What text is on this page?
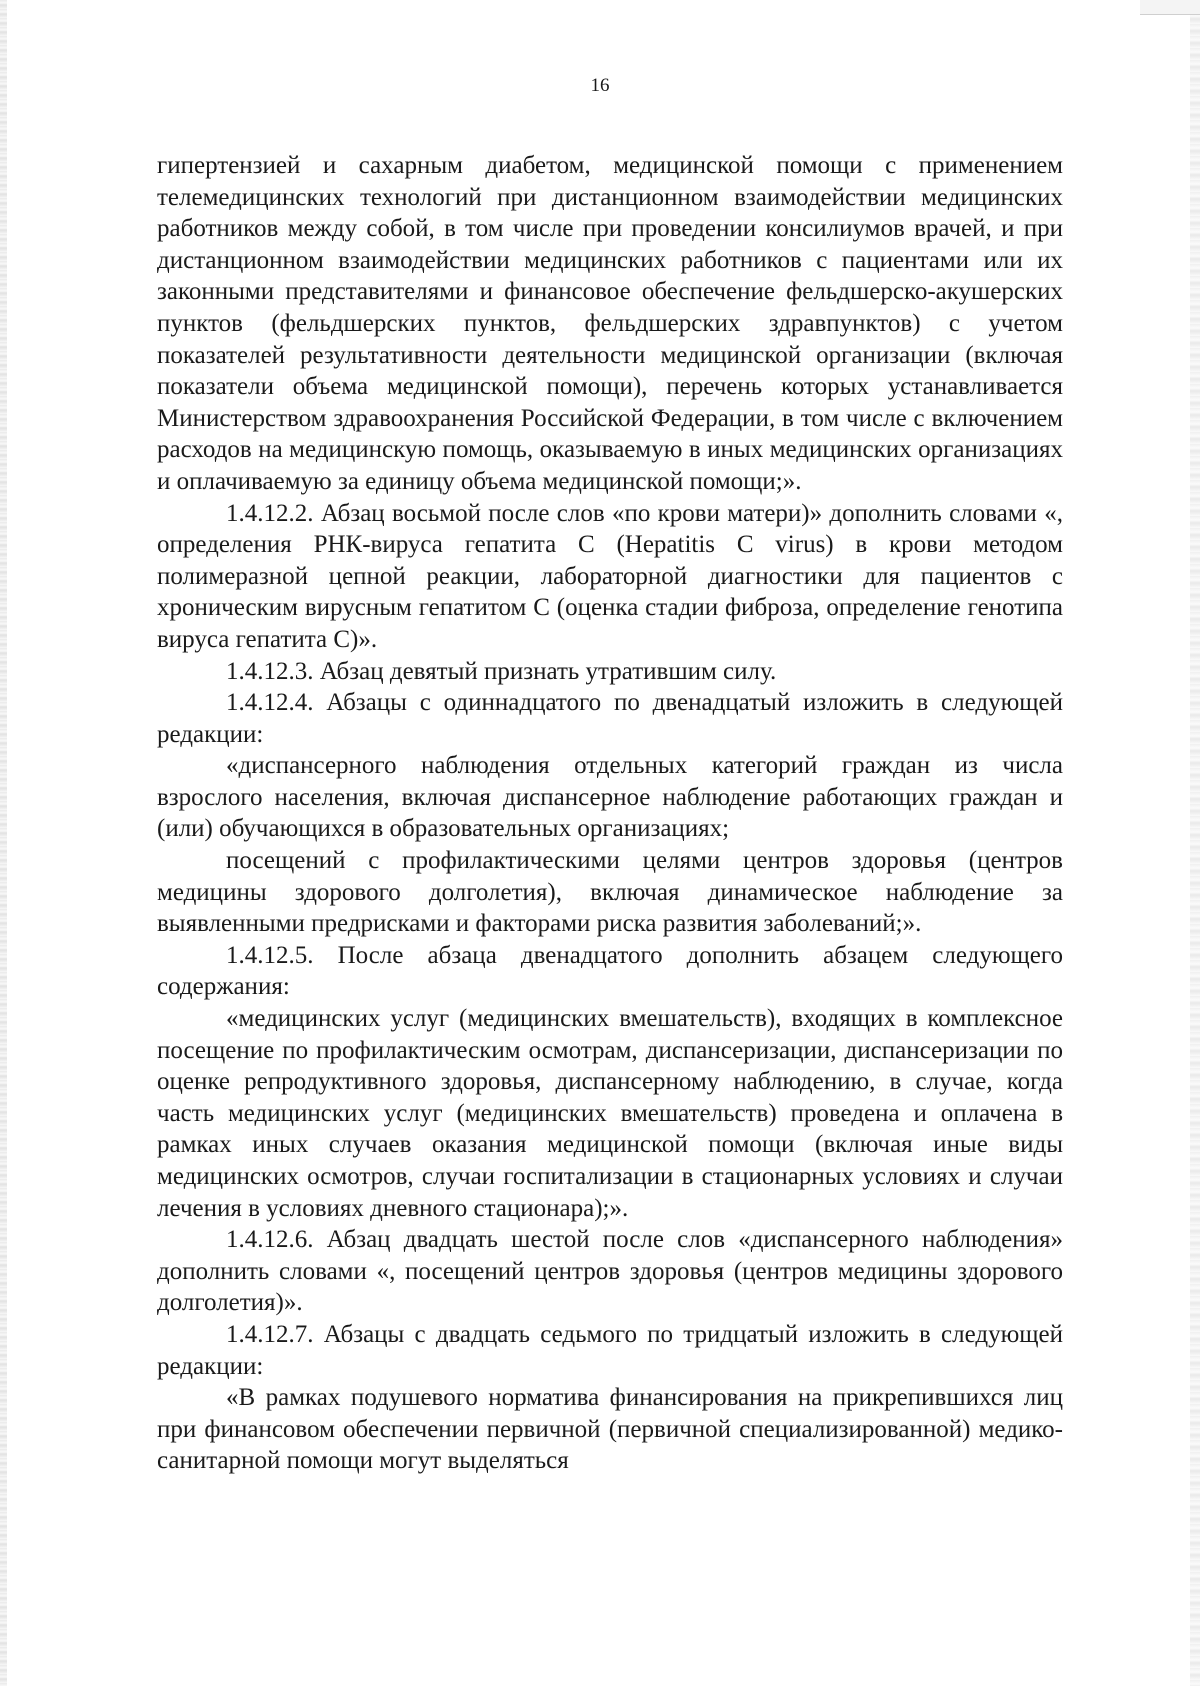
16

гипертензией и сахарным диабетом, медицинской помощи с применением телемедицинских технологий при дистанционном взаимодействии медицинских работников между собой, в том числе при проведении консилиумов врачей, и при дистанционном взаимодействии медицинских работников с пациентами или их законными представителями и финансовое обеспечение фельдшерско-акушерских пунктов (фельдшерских пунктов, фельдшерских здравпунктов) с учетом показателей результативности деятельности медицинской организации (включая показатели объема медицинской помощи), перечень которых устанавливается Министерством здравоохранения Российской Федерации, в том числе с включением расходов на медицинскую помощь, оказываемую в иных медицинских организациях и оплачиваемую за единицу объема медицинской помощи;».

1.4.12.2. Абзац восьмой после слов «по крови матери)» дополнить словами «, определения РНК-вируса гепатита С (Hepatitis C virus) в крови методом полимеразной цепной реакции, лабораторной диагностики для пациентов с хроническим вирусным гепатитом С (оценка стадии фиброза, определение генотипа вируса гепатита С)».

1.4.12.3. Абзац девятый признать утратившим силу.

1.4.12.4. Абзацы с одиннадцатого по двенадцатый изложить в следующей редакции:

«диспансерного наблюдения отдельных категорий граждан из числа взрослого населения, включая диспансерное наблюдение работающих граждан и (или) обучающихся в образовательных организациях;

посещений с профилактическими целями центров здоровья (центров медицины здорового долголетия), включая динамическое наблюдение за выявленными предрисками и факторами риска развития заболеваний;».

1.4.12.5. После абзаца двенадцатого дополнить абзацем следующего содержания:

«медицинских услуг (медицинских вмешательств), входящих в комплексное посещение по профилактическим осмотрам, диспансеризации, диспансеризации по оценке репродуктивного здоровья, диспансерному наблюдению, в случае, когда часть медицинских услуг (медицинских вмешательств) проведена и оплачена в рамках иных случаев оказания медицинской помощи (включая иные виды медицинских осмотров, случаи госпитализации в стационарных условиях и случаи лечения в условиях дневного стационара);».

1.4.12.6. Абзац двадцать шестой после слов «диспансерного наблюдения» дополнить словами «, посещений центров здоровья (центров медицины здорового долголетия)».

1.4.12.7. Абзацы с двадцать седьмого по тридцатый изложить в следующей редакции:

«В рамках подушевого норматива финансирования на прикрепившихся лиц при финансовом обеспечении первичной (первичной специализированной) медико-санитарной помощи могут выделяться
